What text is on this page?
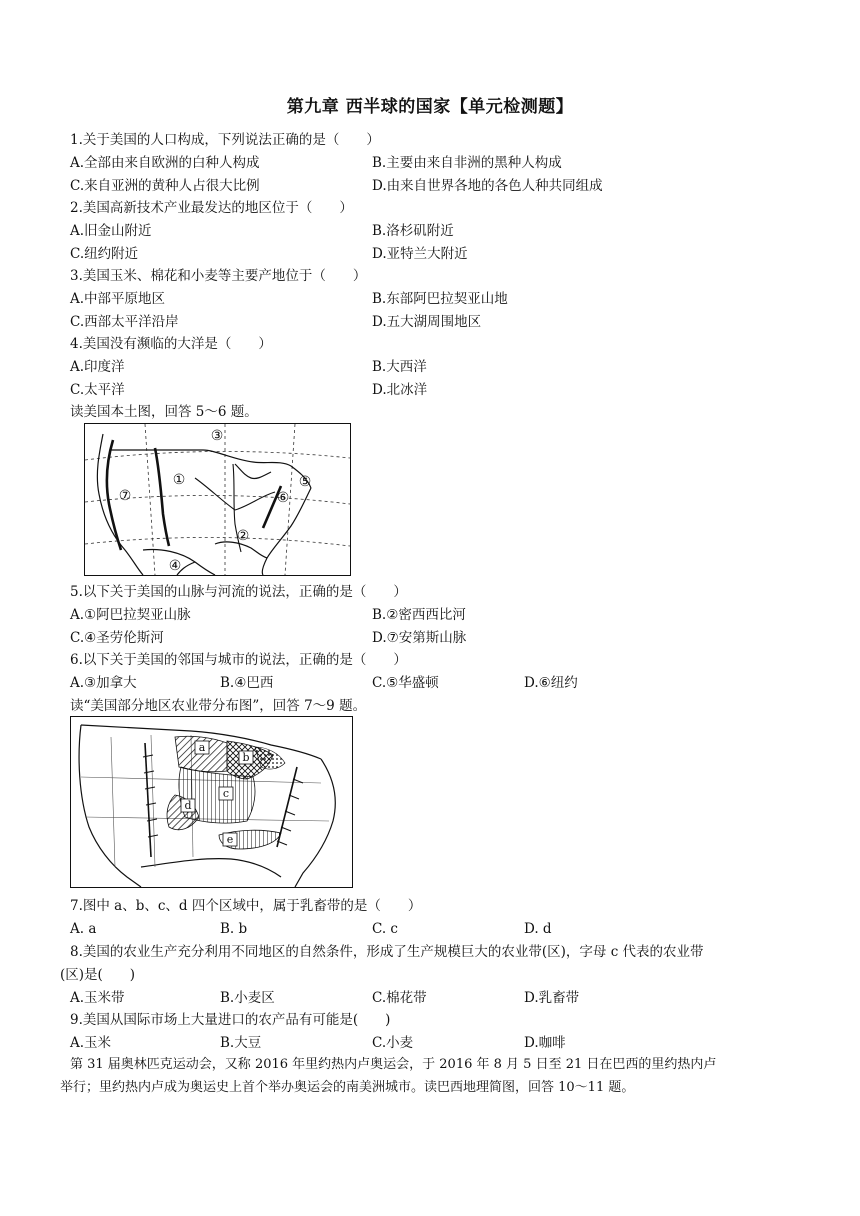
第九章 西半球的国家【单元检测题】
1.关于美国的人口构成，下列说法正确的是（　　）
A.全部由来自欧洲的白种人构成	B.主要由来自非洲的黑种人构成
C.来自亚洲的黄种人占很大比例	D.由来自世界各地的各色人种共同组成
2.美国高新技术产业最发达的地区位于（　　）
A.旧金山附近	B.洛杉矶附近
C.纽约附近	D.亚特兰大附近
3.美国玉米、棉花和小麦等主要产地位于（　　）
A.中部平原地区	B.东部阿巴拉契亚山地
C.西部太平洋沿岸	D.五大湖周围地区
4.美国没有濒临的大洋是（　　）
A.印度洋	B.大西洋
C.太平洋	D.北冰洋
读美国本土图，回答 5～6 题。
①
②
③
④
⑤
⑥
⑦
5.以下关于美国的山脉与河流的说法，正确的是（　　）
A.①阿巴拉契亚山脉	B.②密西西比河
C.④圣劳伦斯河	D.⑦安第斯山脉
6.以下关于美国的邻国与城市的说法，正确的是（　　）
A.③加拿大	B.④巴西	C.⑤华盛顿	D.⑥纽约
读“美国部分地区农业带分布图”，回答 7～9 题。
a
b
c
d
e
7.图中 a、b、c、d 四个区域中，属于乳畜带的是（　　）
A. a	B. b	C. c	D. d
8.美国的农业生产充分利用不同地区的自然条件，形成了生产规模巨大的农业带(区)，字母 c 代表的农业带
(区)是(　　)
A.玉米带	B.小麦区	C.棉花带	D.乳畜带
9.美国从国际市场上大量进口的农产品有可能是(　　)
A.玉米	B.大豆	C.小麦	D.咖啡
第 31 届奥林匹克运动会，又称 2016 年里约热内卢奥运会，于 2016 年 8 月 5 日至 21 日在巴西的里约热内卢
举行；里约热内卢成为奥运史上首个举办奥运会的南美洲城市。读巴西地理简图，回答 10～11 题。
